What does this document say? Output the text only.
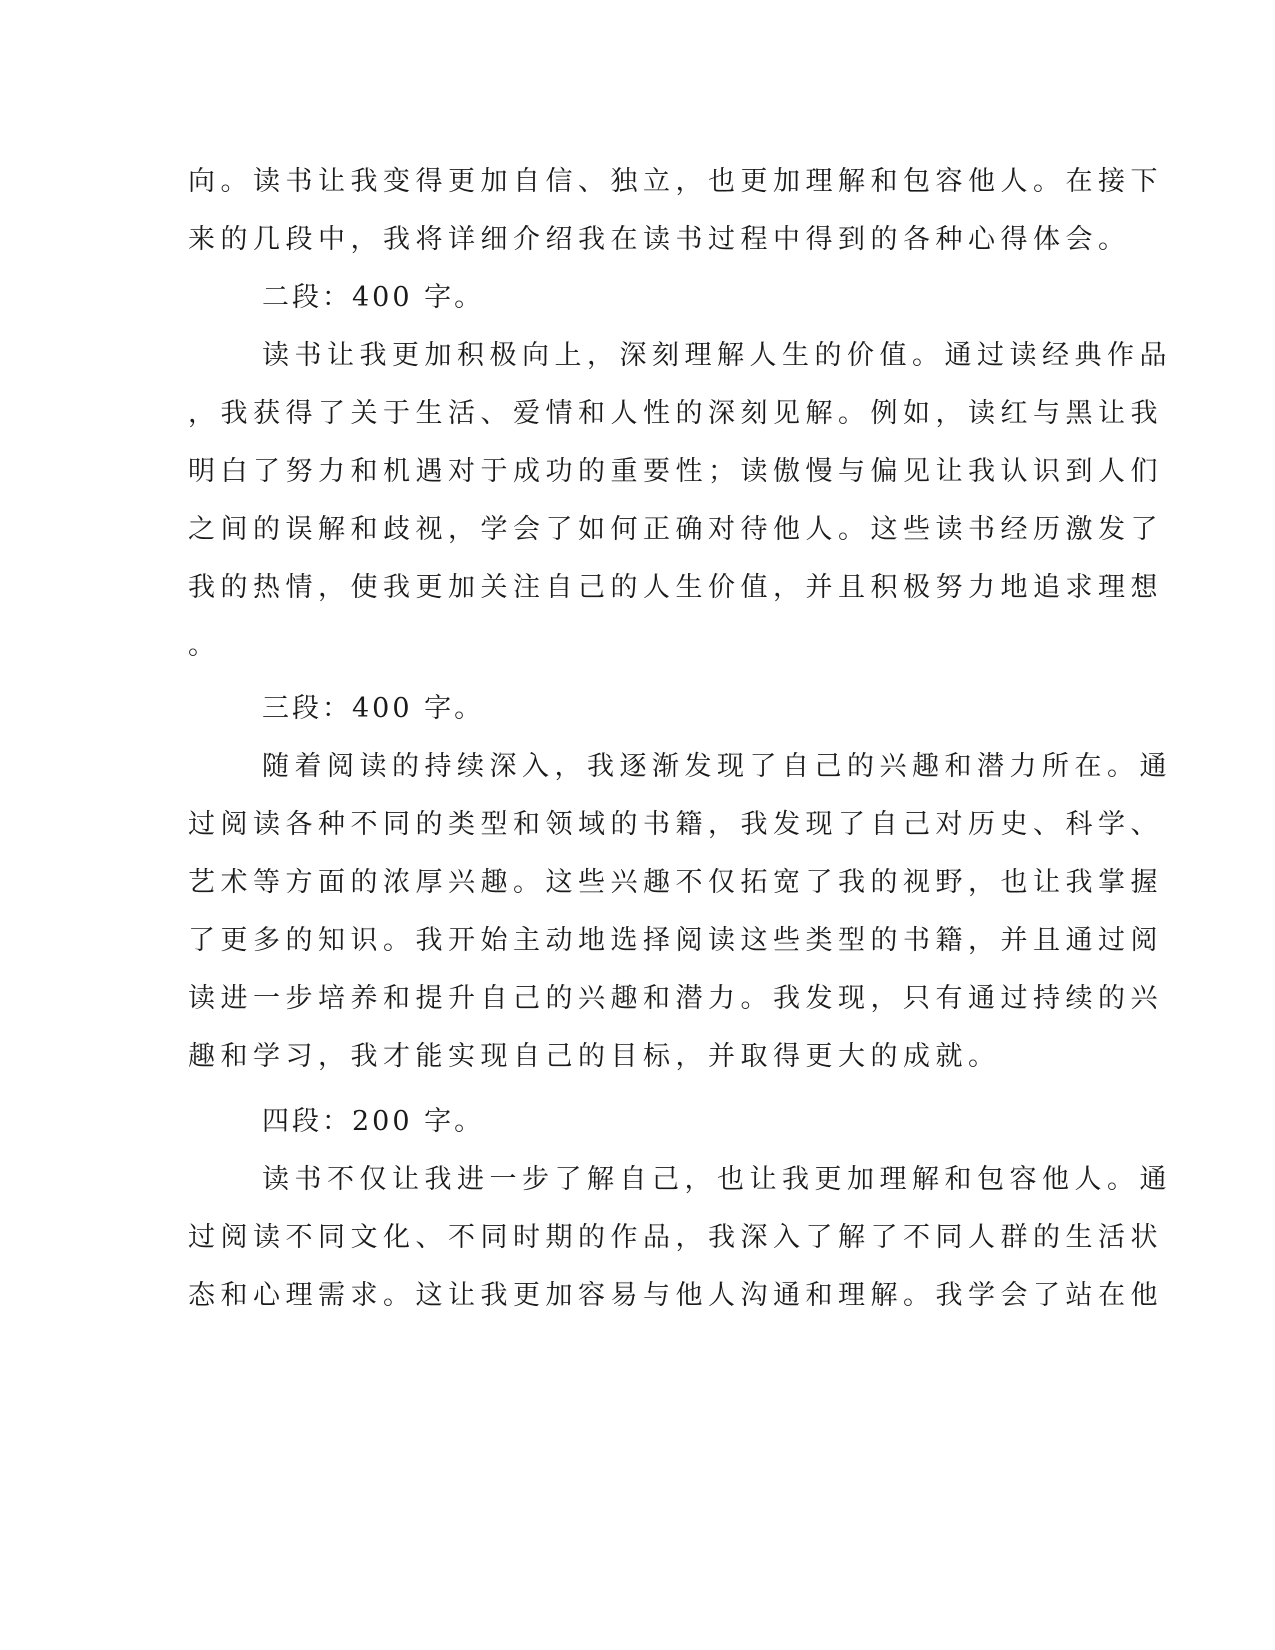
向。读书让我变得更加自信、独立，也更加理解和包容他人。在接下

来的几段中，我将详细介绍我在读书过程中得到的各种心得体会。

二段：400 字。

读书让我更加积极向上，深刻理解人生的价值。通过读经典作品

，我获得了关于生活、爱情和人性的深刻见解。例如，读红与黑让我

明白了努力和机遇对于成功的重要性；读傲慢与偏见让我认识到人们

之间的误解和歧视，学会了如何正确对待他人。这些读书经历激发了

我的热情，使我更加关注自己的人生价值，并且积极努力地追求理想

。

三段：400 字。

随着阅读的持续深入，我逐渐发现了自己的兴趣和潜力所在。通

过阅读各种不同的类型和领域的书籍，我发现了自己对历史、科学、

艺术等方面的浓厚兴趣。这些兴趣不仅拓宽了我的视野，也让我掌握

了更多的知识。我开始主动地选择阅读这些类型的书籍，并且通过阅

读进一步培养和提升自己的兴趣和潜力。我发现，只有通过持续的兴

趣和学习，我才能实现自己的目标，并取得更大的成就。

四段：200 字。

读书不仅让我进一步了解自己，也让我更加理解和包容他人。通

过阅读不同文化、不同时期的作品，我深入了解了不同人群的生活状

态和心理需求。这让我更加容易与他人沟通和理解。我学会了站在他
